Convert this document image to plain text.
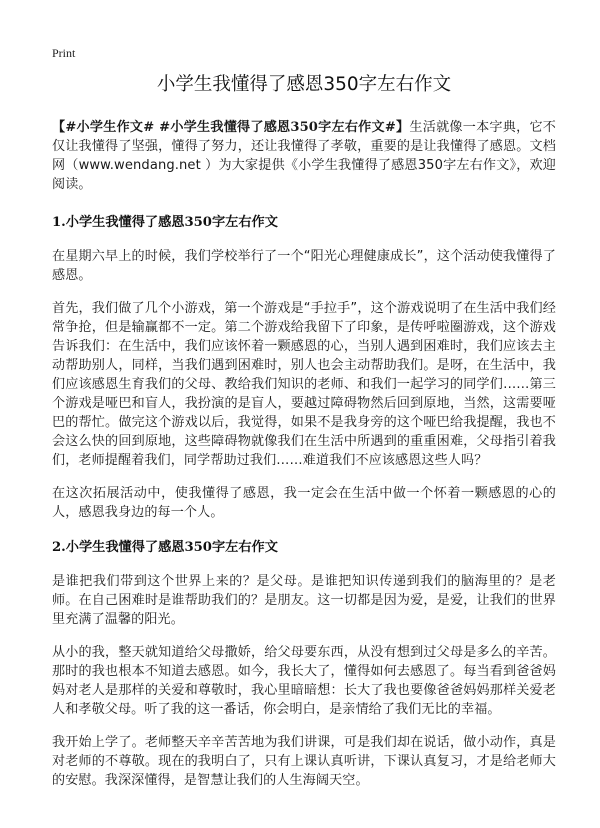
Print
小学生我懂得了感恩350字左右作文

【#小学生作文# #小学生我懂得了感恩350字左右作文#】生活就像一本字典，它不仅让我懂得了坚强，懂得了努力，还让我懂得了孝敬，重要的是让我懂得了感恩。文档网（www.wendang.net ）为大家提供《小学生我懂得了感恩350字左右作文》，欢迎阅读。

1.小学生我懂得了感恩350字左右作文

在星期六早上的时候，我们学校举行了一个“阳光心理健康成长”，这个活动使我懂得了感恩。

首先，我们做了几个小游戏，第一个游戏是“手拉手”，这个游戏说明了在生活中我们经常争抢，但是输赢都不一定。第二个游戏给我留下了印象，是传呼啦圈游戏，这个游戏告诉我们：在生活中，我们应该怀着一颗感恩的心，当别人遇到困难时，我们应该去主动帮助别人，同样，当我们遇到困难时，别人也会主动帮助我们。是呀，在生活中，我们应该感恩生育我们的父母、教给我们知识的老师、和我们一起学习的同学们……第三个游戏是哑巴和盲人，我扮演的是盲人，要越过障碍物然后回到原地，当然，这需要哑巴的帮忙。做完这个游戏以后，我觉得，如果不是我身旁的这个哑巴给我提醒，我也不会这么快的回到原地，这些障碍物就像我们在生活中所遇到的重重困难，父母指引着我们，老师提醒着我们，同学帮助过我们……难道我们不应该感恩这些人吗？

在这次拓展活动中，使我懂得了感恩，我一定会在生活中做一个怀着一颗感恩的心的人，感恩我身边的每一个人。

2.小学生我懂得了感恩350字左右作文

是谁把我们带到这个世界上来的？是父母。是谁把知识传递到我们的脑海里的？是老师。在自己困难时是谁帮助我们的？是朋友。这一切都是因为爱，是爱，让我们的世界里充满了温馨的阳光。

从小的我，整天就知道给父母撒娇，给父母要东西，从没有想到过父母是多么的辛苦。那时的我也根本不知道去感恩。如今，我长大了，懂得如何去感恩了。每当看到爸爸妈妈对老人是那样的关爱和尊敬时，我心里暗暗想：长大了我也要像爸爸妈妈那样关爱老人和孝敬父母。听了我的这一番话，你会明白，是亲情给了我们无比的幸福。

我开始上学了。老师整天辛辛苦苦地为我们讲课，可是我们却在说话，做小动作，真是对老师的不尊敬。现在的我明白了，只有上课认真听讲，下课认真复习，才是给老师大的安慰。我深深懂得，是智慧让我们的人生海阔天空。
